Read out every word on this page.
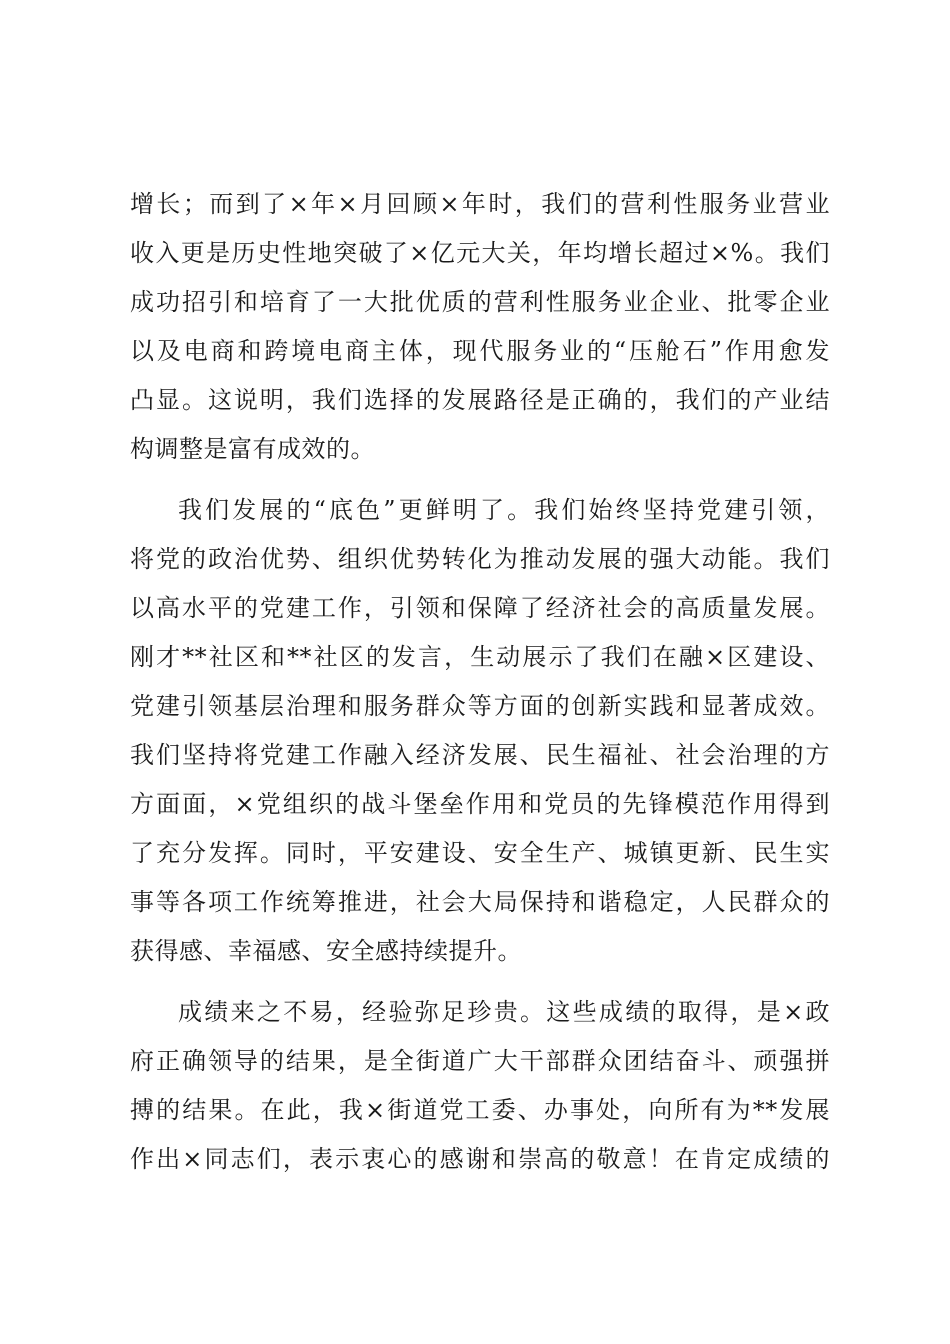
增长；而到了×年×月回顾×年时，我们的营利性服务业营业
收入更是历史性地突破了×亿元大关，年均增长超过×%。我们
成功招引和培育了一大批优质的营利性服务业企业、批零企业
以及电商和跨境电商主体，现代服务业的“压舱石”作用愈发
凸显。这说明，我们选择的发展路径是正确的，我们的产业结
构调整是富有成效的。
我们发展的“底色”更鲜明了。我们始终坚持党建引领，
将党的政治优势、组织优势转化为推动发展的强大动能。我们
以高水平的党建工作，引领和保障了经济社会的高质量发展。
刚才**社区和**社区的发言，生动展示了我们在融×区建设、
党建引领基层治理和服务群众等方面的创新实践和显著成效。
我们坚持将党建工作融入经济发展、民生福祉、社会治理的方
方面面，×党组织的战斗堡垒作用和党员的先锋模范作用得到
了充分发挥。同时，平安建设、安全生产、城镇更新、民生实
事等各项工作统筹推进，社会大局保持和谐稳定，人民群众的
获得感、幸福感、安全感持续提升。
成绩来之不易，经验弥足珍贵。这些成绩的取得，是×政
府正确领导的结果，是全街道广大干部群众团结奋斗、顽强拼
搏的结果。在此，我×街道党工委、办事处，向所有为**发展
作出×同志们，表示衷心的感谢和崇高的敬意！在肯定成绩的
